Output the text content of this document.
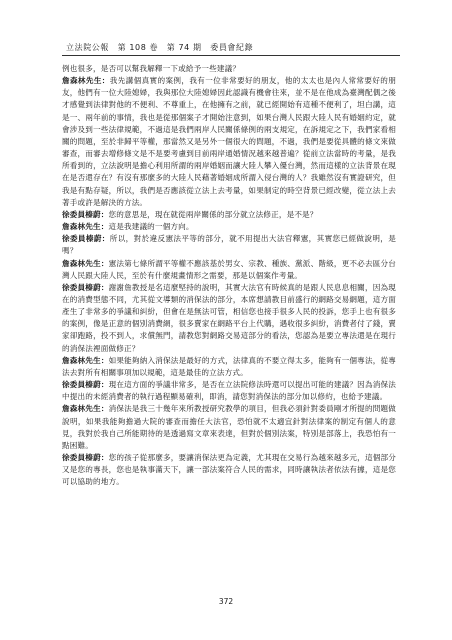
立法院公報　第 108 卷　第 74 期　委員會紀錄

例也很多，是否可以幫我解釋一下或給予一些建議？

詹森林先生：我先講個真實的案例，我有一位非常要好的朋友，他的太太也是內人常常要好的朋友，他們有一位大陸媳婦，我與那位大陸媳婦因此認識有機會往來，並不是在他成為臺灣配偶之後才感覺到法律對他的不便利、不尊重上，在他擁有之前，就已經開始有這種不便利了，坦白講，這是一、兩年前的事情，我也是從那個案子才開始注意到，如果台灣人民跟大陸人民有婚姻約定，就會涉及到一些法律規範，不過這是我們兩岸人民關係條例的兩支規定，在訴規定之下，我們家看相關的問題，至於非歸平等權，那當然又是另外一個很大的問題，不過，我們是要從具體的條文來做審查，而審去增修條文是不是要考慮到目前兩岸通婚情況越來越普遍？從前立法當時的考量，是我所看到的，立法說明是擔心利用所謂的兩岸婚姻而讓大陸人攀入優台灣，然而這樣的立法背景在現在是否還存在？有沒有那麼多的大陸人民藉著婚姻成所謂入侵台灣的人？我雖然沒有實證研究，但我是有點存疑，所以，我們是否應該從立法上去考量，如果制定的時空背景已經改變，從立法上去著手或許是解決的方法。

徐委員榛蔚：您的意思是，現在就從兩岸關係的部分就立法修正，是不是？

詹森林先生：這是我建議的一個方向。

徐委員榛蔚：所以，對於違反憲法平等的部分，就不用提出大法官釋憲，其實您已經做說明，是嗎？

詹森林先生：憲法第七條所謂平等權不應該基於男女、宗教、種族、黨派、階級，更不必去區分台灣人民跟大陸人民，至於有什麼規畫情形之需要，那是以個案作考量。

徐委員榛蔚：謝謝詹教授是名這麼堅持的說明，其實大法官有時候真的是跟人民息息相關，因為現在的消費型態不同，尤其從文導類的消保法的部分，本席想請教目前盛行的網路交易網題，這方面產生了非常多的爭議和糾紛，但會在是無法可管，相信您也接手很多人民的投訴，您手上也有很多的案例，像是正意的個別消費網，很多賣家在網路平台上代購，遇收很多糾紛，消費者付了錢，賣家卻跑路，投不到人，求償無門，請教您對網路交易這部分的看法，您認為是要立專法還是在現行的消保法裡面做修正？

詹森林先生：如果能夠納入消保法是最好的方式，法律真的不要立得太多，能夠有一個專法，從專法去對所有相關事項加以規範，這是最佳的立法方式。

徐委員榛蔚：現在這方面的爭議非常多，是否在立法院修法時還可以提出可能的建議？因為消保法中提出的未經消費者的執行過程顯易確利，即消，請您對消保法的部分加以修約，也給予建議。

詹森林先生：消保法是我三十幾年來所教授研究教學的項目，但我必須針對委員剛才所提的問題做說明，如果我能夠擔過大院的審查而擔任大法官，恐怕就不太適宜針對法律案的制定有個人的意見，我對於我自己所能期待的是透過寫文章來表達，但對於個別法案，特別是部落上，我恐怕有一點困難。

徐委員榛蔚：您的孩子從那麼多，要讓消保法更為定義，尤其現在交易行為越來越多元，這個部分又是您的專長，您也是執事滿天下，讓一部法案符合人民的需求，同時讓執法者依法有據，這是您可以協助的地方。

372
